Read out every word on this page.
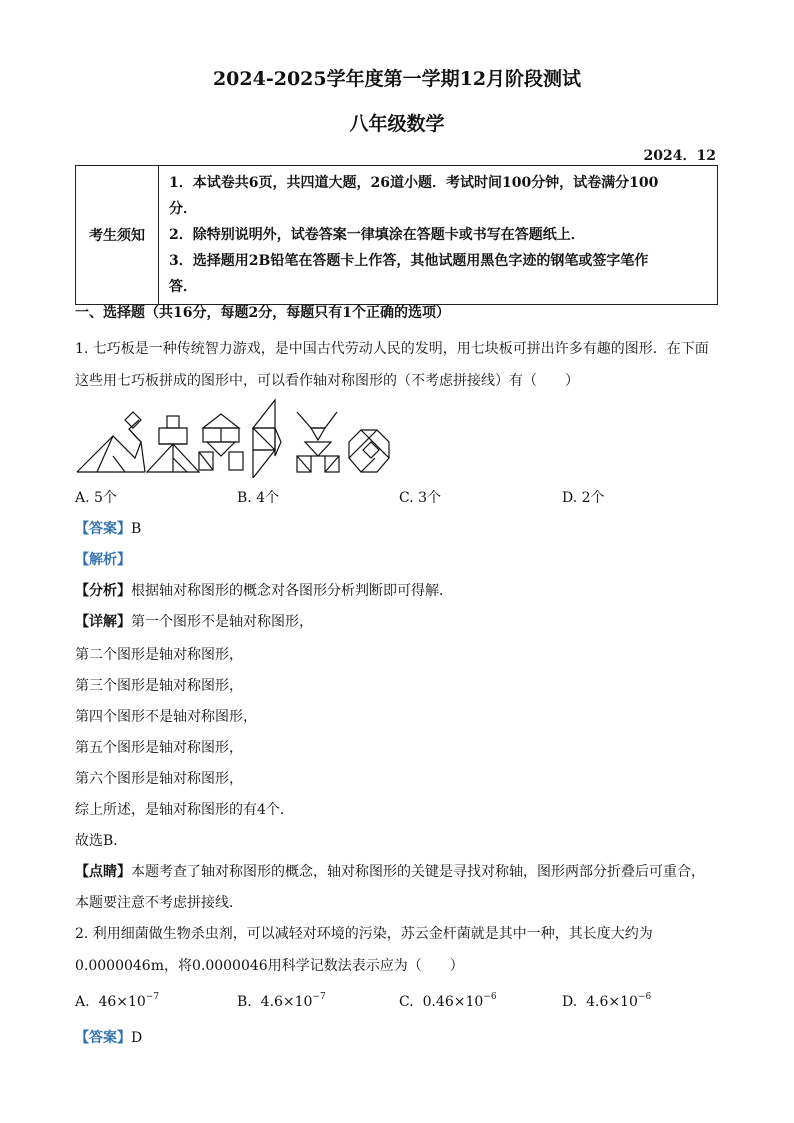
2024-2025学年度第一学期12月阶段测试
八年级数学
2024．12
考生须知	
1．本试卷共6页，共四道大题，26道小题．考试时间100分钟，试卷满分100
分．
2．除特别说明外，试卷答案一律填涂在答题卡或书写在答题纸上．
3．选择题用2B铅笔在答题卡上作答，其他试题用黑色字迹的钢笔或签字笔作
答．
一、选择题（共16分，每题2分，每题只有1个正确的选项）
1. 七巧板是一种传统智力游戏，是中国古代劳动人民的发明，用七块板可拼出许多有趣的图形．在下面
这些用七巧板拼成的图形中，可以看作轴对称图形的（不考虑拼接线）有（　　）
A. 5个	B. 4个	C. 3个	D. 2个
【答案】B
【解析】
【分析】根据轴对称图形的概念对各图形分析判断即可得解．
【详解】第一个图形不是轴对称图形，
第二个图形是轴对称图形，
第三个图形是轴对称图形，
第四个图形不是轴对称图形，
第五个图形是轴对称图形，
第六个图形是轴对称图形，
综上所述，是轴对称图形的有4个．
故选B．
【点睛】本题考查了轴对称图形的概念，轴对称图形的关键是寻找对称轴，图形两部分折叠后可重合，
本题要注意不考虑拼接线．
2. 利用细菌做生物杀虫剂，可以减轻对环境的污染，苏云金杆菌就是其中一种，其长度大约为
0.0000046m，将0.0000046用科学记数法表示应为（　　）
A. $46\times 10^{-7}$	B. $4.6\times 10^{-7}$	C. $0.46\times 10^{-6}$	D. $4.6\times 10^{-6}$
【答案】D
